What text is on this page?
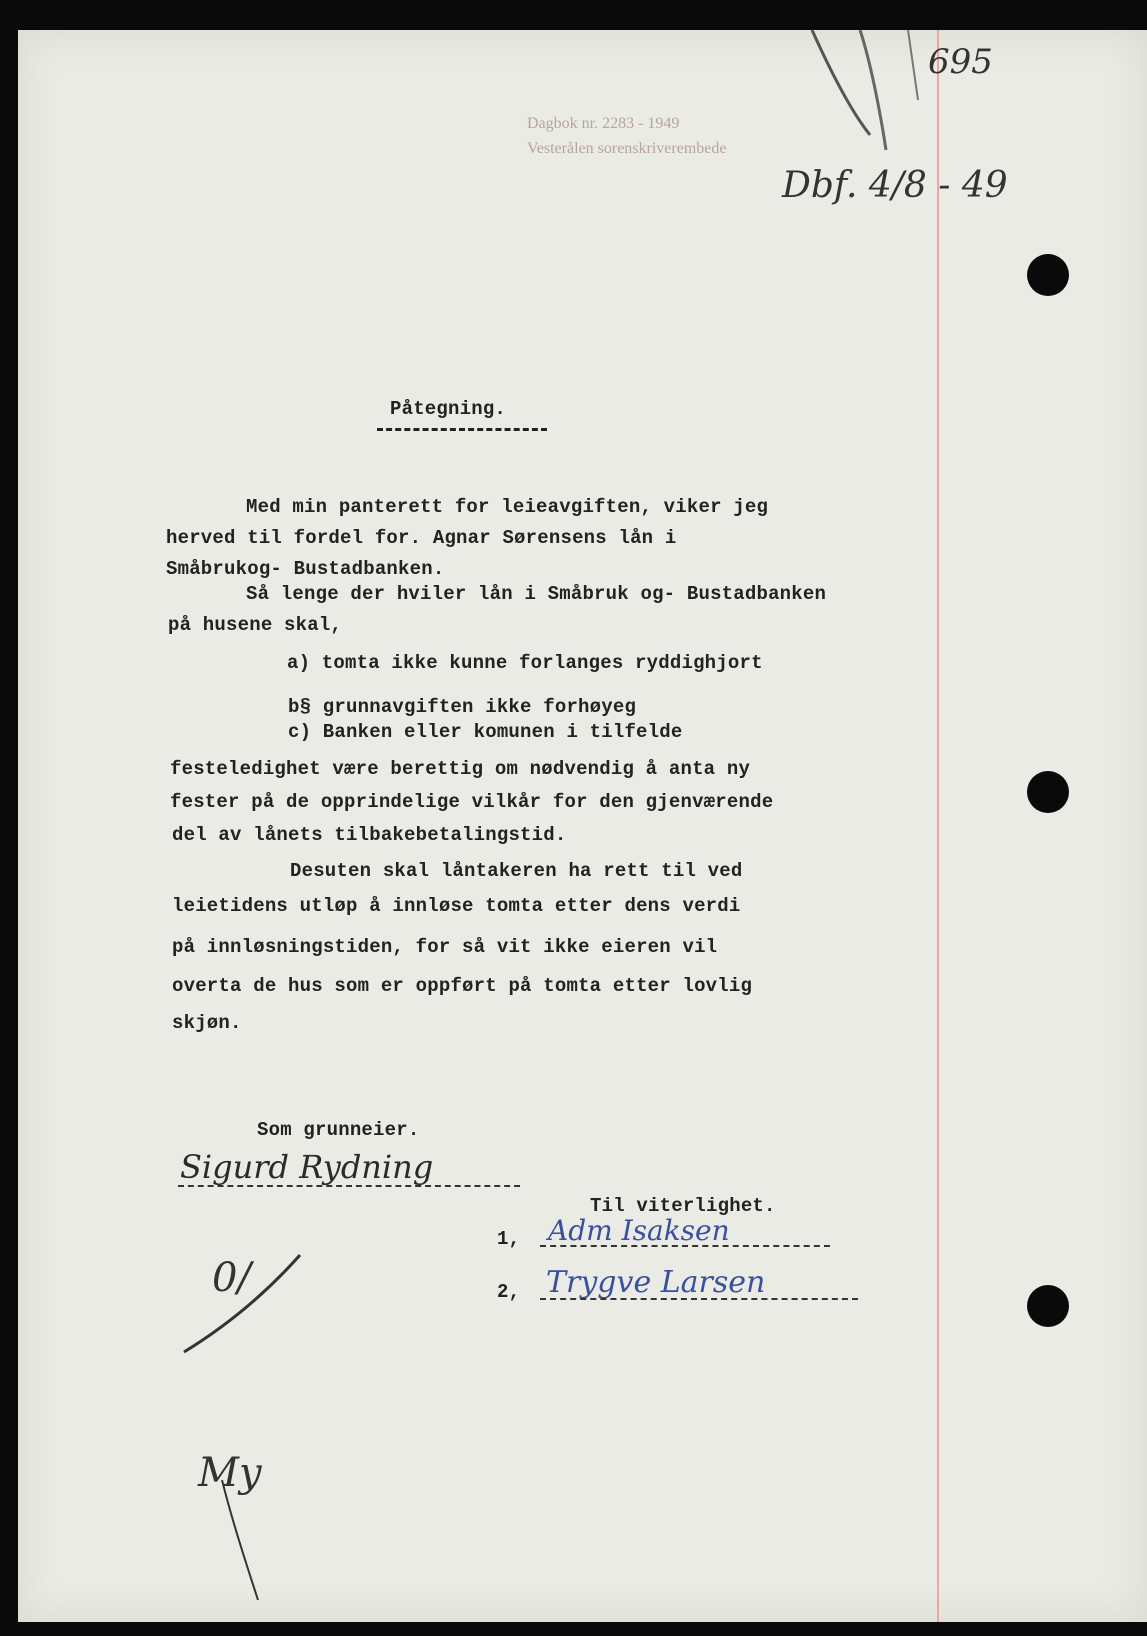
Dagbok nr. 2283 - 1949
Vesterålen sorenskriverembede
695
Dbf. 4/8 - 49
Påtegning.
Med min panterett for leieavgiften, viker jeg
herved til fordel for. Agnar Sørensens lån i
Småbrukog- Bustadbanken.
Så lenge der hviler lån i Småbruk og- Bustadbanken
på husene skal,
a) tomta ikke kunne forlanges ryddighjort
b§ grunnavgiften ikke forhøyeg
c) Banken eller komunen i tilfelde
festeledighet være berettig om nødvendig å anta ny
fester på de opprindelige vilkår for den gjenværende
del av lånets tilbakebetalingstid.
Desuten skal låntakeren ha rett til ved
leietidens utløp å innløse tomta etter dens verdi
på innløsningstiden, for så vit ikke eieren vil
overta de hus som er oppført på tomta etter lovlig
skjøn.
Som grunneier.
Sigurd Rydning
Til viterlighet.
1, Adm Isaksen
2, Trygve Larsen
0/
My
